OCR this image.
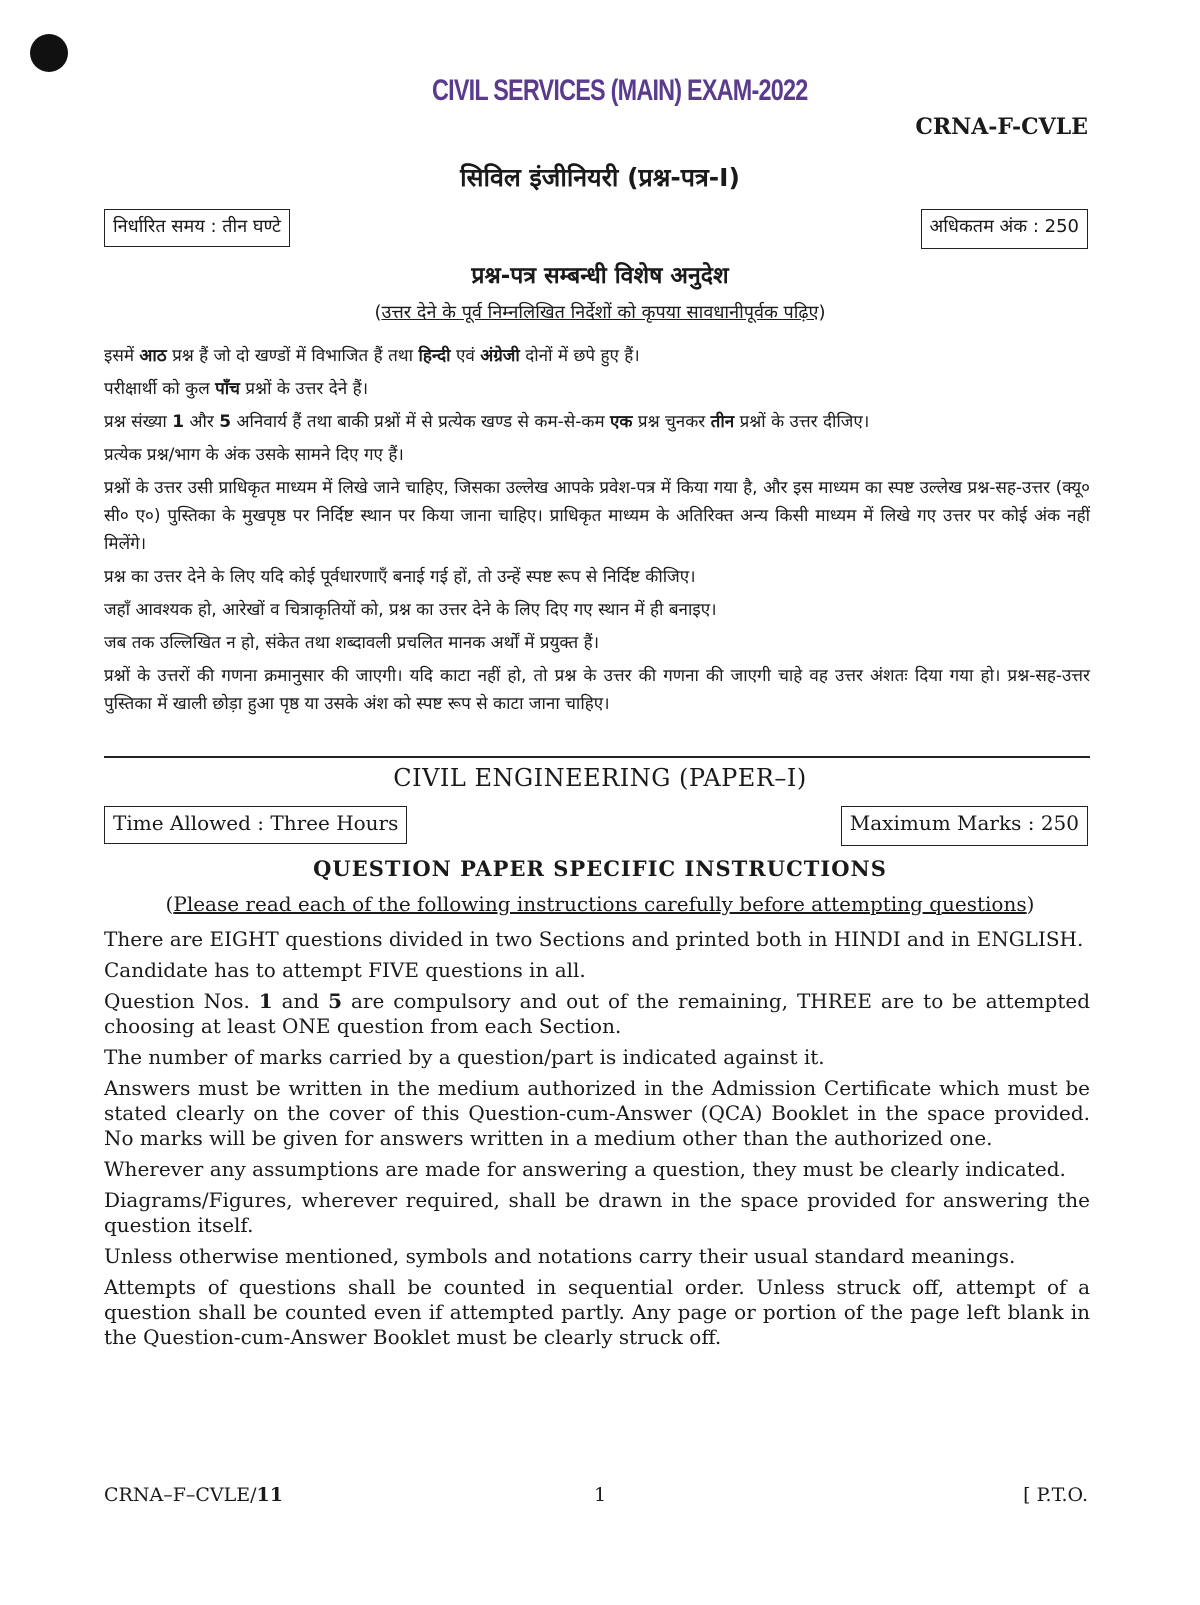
CIVIL SERVICES (MAIN) EXAM-2022
CRNA-F-CVLE
सिविल इंजीनियरी (प्रश्न-पत्र-I)
निर्धारित समय : तीन घण्टे	अधिकतम अंक : 250
प्रश्न-पत्र सम्बन्धी विशेष अनुदेश
(उत्तर देने के पूर्व निम्नलिखित निर्देशों को कृपया सावधानीपूर्वक पढ़िए)

इसमें आठ प्रश्न हैं जो दो खण्डों में विभाजित हैं तथा हिन्दी एवं अंग्रेजी दोनों में छपे हुए हैं।

परीक्षार्थी को कुल पाँच प्रश्नों के उत्तर देने हैं।

प्रश्न संख्या 1 और 5 अनिवार्य हैं तथा बाकी प्रश्नों में से प्रत्येक खण्ड से कम-से-कम एक प्रश्न चुनकर तीन प्रश्नों के उत्तर दीजिए।

प्रत्येक प्रश्न/भाग के अंक उसके सामने दिए गए हैं।

प्रश्नों के उत्तर उसी प्राधिकृत माध्यम में लिखे जाने चाहिए, जिसका उल्लेख आपके प्रवेश-पत्र में किया गया है, और इस माध्यम का स्पष्ट उल्लेख प्रश्न-सह-उत्तर (क्यू० सी० ए०) पुस्तिका के मुखपृष्ठ पर निर्दिष्ट स्थान पर किया जाना चाहिए। प्राधिकृत माध्यम के अतिरिक्त अन्य किसी माध्यम में लिखे गए उत्तर पर कोई अंक नहीं मिलेंगे।

प्रश्न का उत्तर देने के लिए यदि कोई पूर्वधारणाएँ बनाई गई हों, तो उन्हें स्पष्ट रूप से निर्दिष्ट कीजिए।

जहाँ आवश्यक हो, आरेखों व चित्राकृतियों को, प्रश्न का उत्तर देने के लिए दिए गए स्थान में ही बनाइए।

जब तक उल्लिखित न हो, संकेत तथा शब्दावली प्रचलित मानक अर्थों में प्रयुक्त हैं।

प्रश्नों के उत्तरों की गणना क्रमानुसार की जाएगी। यदि काटा नहीं हो, तो प्रश्न के उत्तर की गणना की जाएगी चाहे वह उत्तर अंशतः दिया गया हो। प्रश्न-सह-उत्तर पुस्तिका में खाली छोड़ा हुआ पृष्ठ या उसके अंश को स्पष्ट रूप से काटा जाना चाहिए।

CIVIL ENGINEERING (PAPER–I)
Time Allowed : Three Hours	Maximum Marks : 250
QUESTION PAPER SPECIFIC INSTRUCTIONS
(Please read each of the following instructions carefully before attempting questions)

There are EIGHT questions divided in two Sections and printed both in HINDI and in ENGLISH.

Candidate has to attempt FIVE questions in all.

Question Nos. 1 and 5 are compulsory and out of the remaining, THREE are to be attempted choosing at least ONE question from each Section.

The number of marks carried by a question/part is indicated against it.

Answers must be written in the medium authorized in the Admission Certificate which must be stated clearly on the cover of this Question-cum-Answer (QCA) Booklet in the space provided. No marks will be given for answers written in a medium other than the authorized one.

Wherever any assumptions are made for answering a question, they must be clearly indicated.

Diagrams/Figures, wherever required, shall be drawn in the space provided for answering the question itself.

Unless otherwise mentioned, symbols and notations carry their usual standard meanings.

Attempts of questions shall be counted in sequential order. Unless struck off, attempt of a question shall be counted even if attempted partly. Any page or portion of the page left blank in the Question-cum-Answer Booklet must be clearly struck off.

CRNA–F–CVLE/11	1	[ P.T.O.
